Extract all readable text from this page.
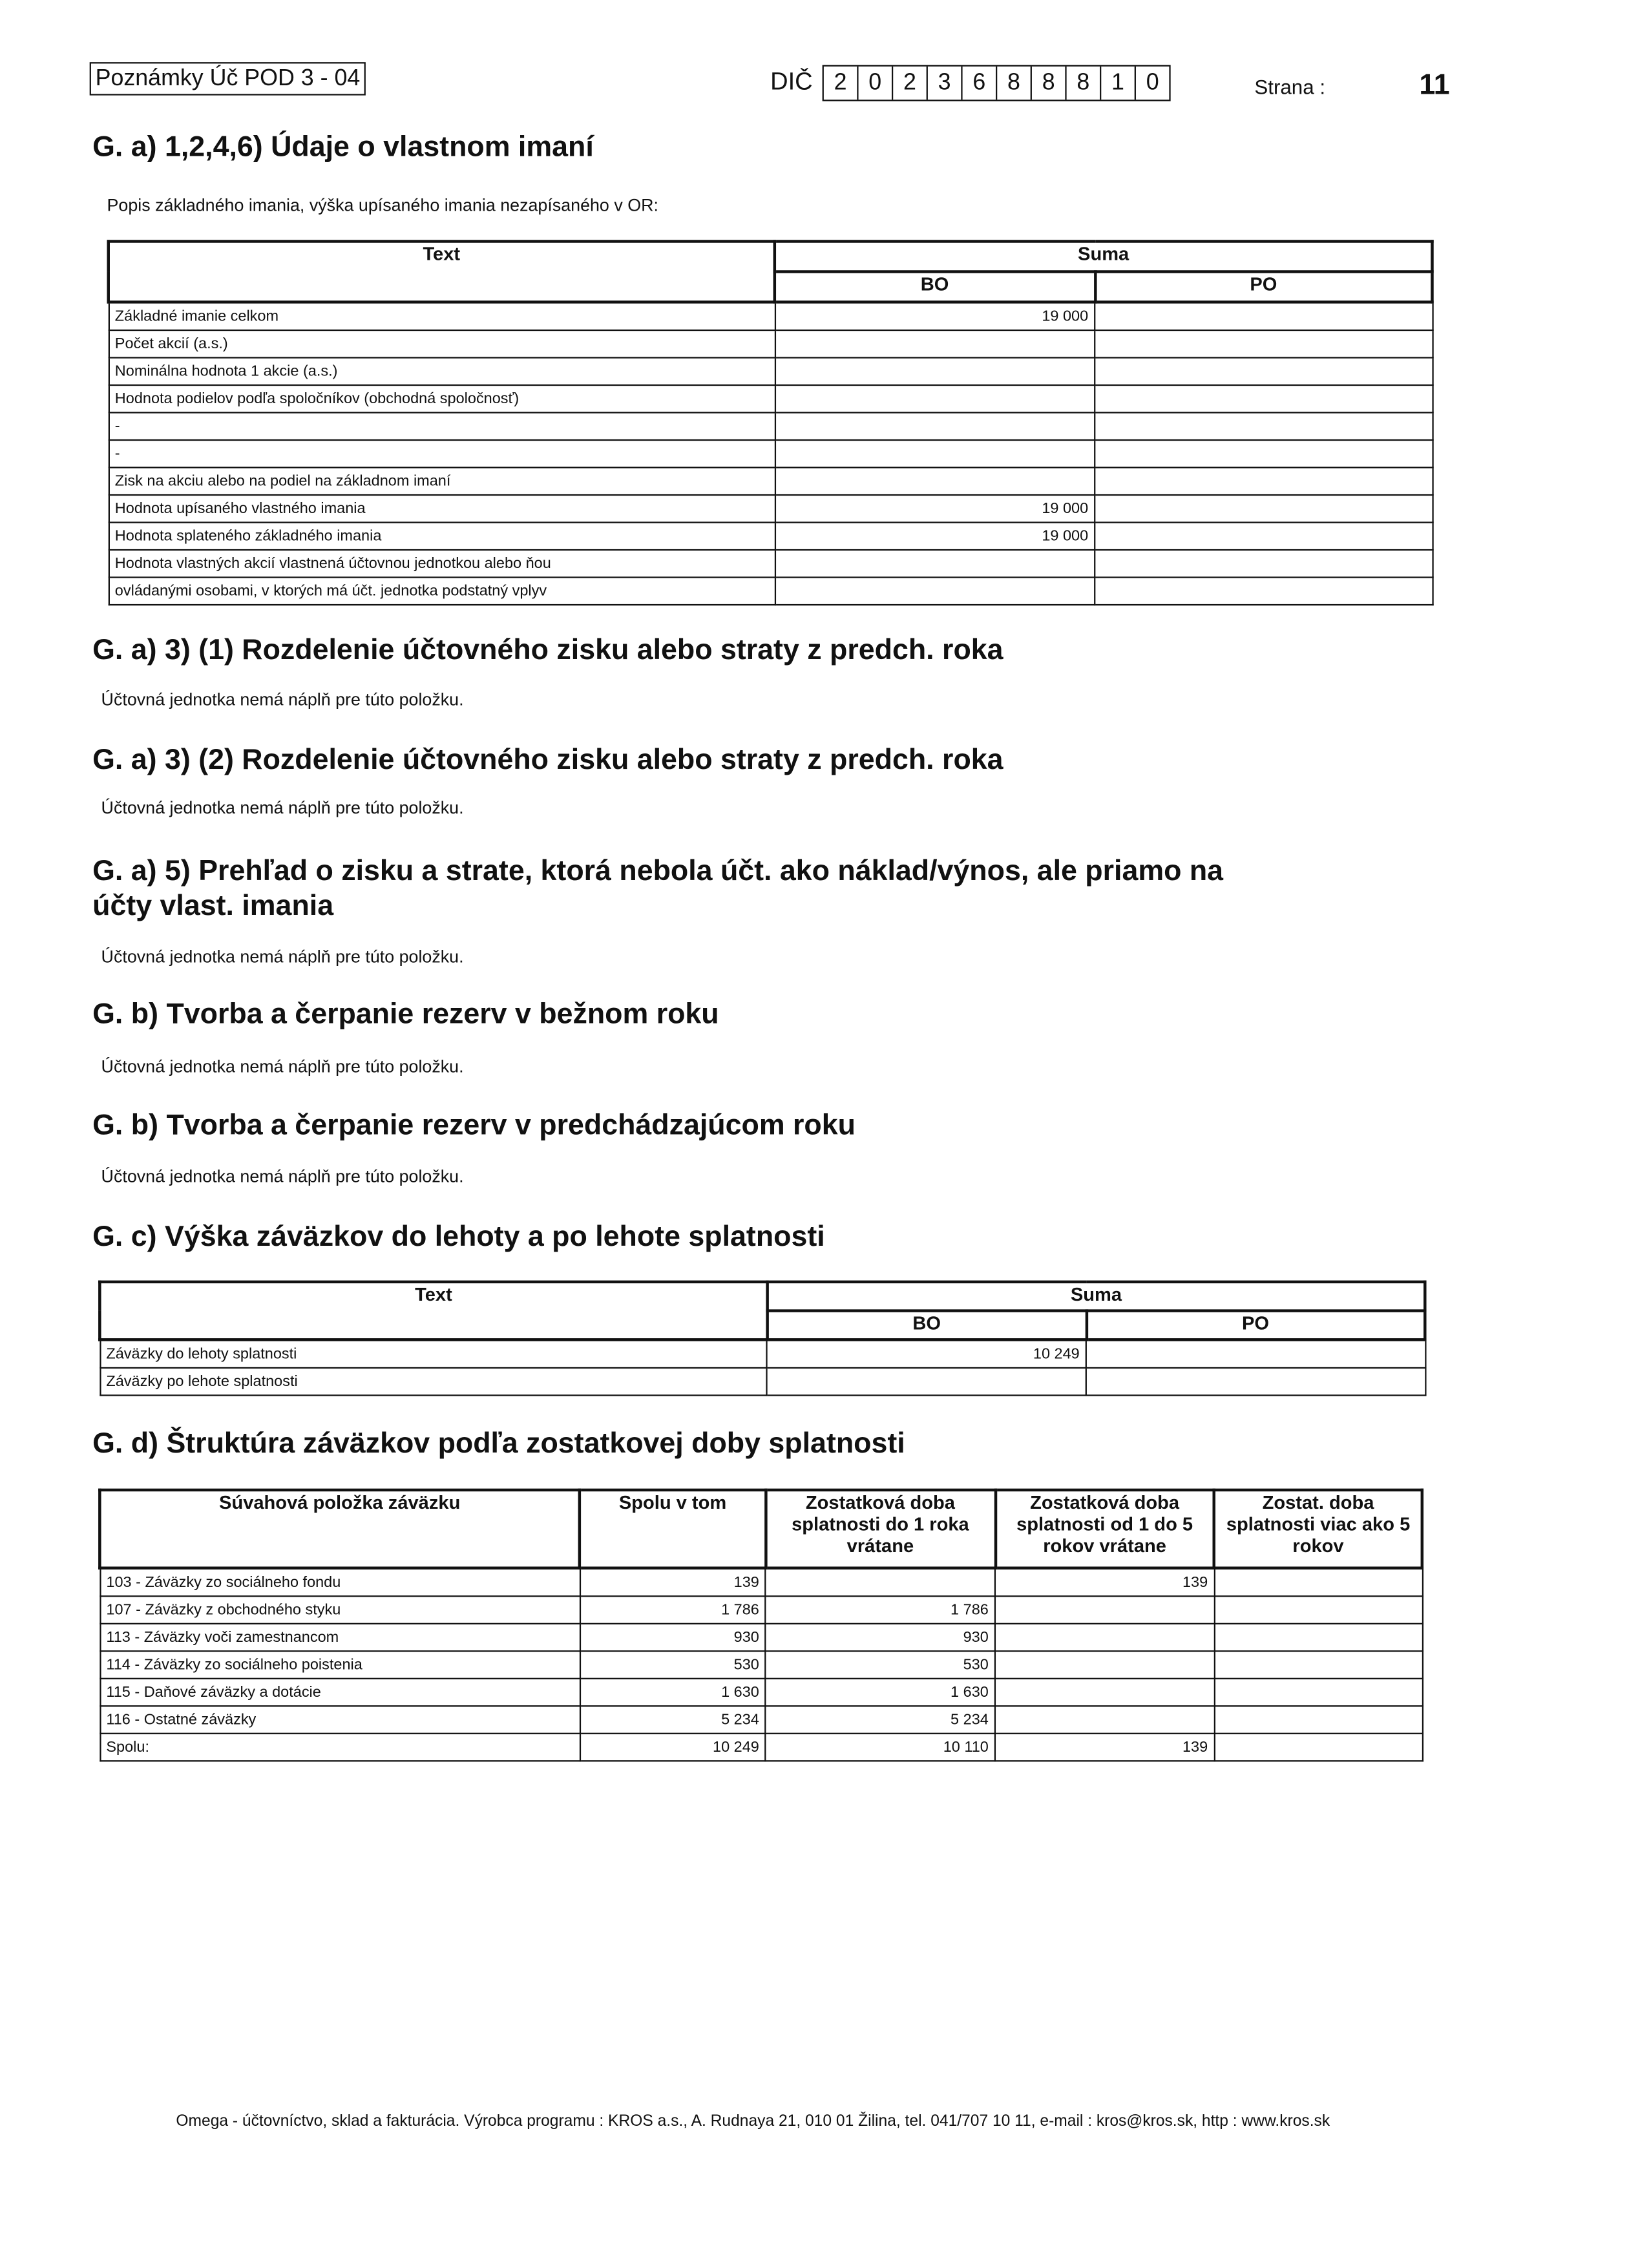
Poznámky Úč POD 3 - 04	DIČ	2	0	2	3	6	8	8	8	1	0	Strana :	11
G. a) 1,2,4,6) Údaje o vlastnom imaní
Popis základného imania, výška upísaného imania nezapísaného v OR:
Text	Suma	
	BO	PO
Základné imanie celkom	19 000	
Počet akcií (a.s.)		
Nominálna hodnota 1 akcie (a.s.)		
Hodnota podielov podľa spoločníkov (obchodná spoločnosť)		
-		
-		
Zisk na akciu alebo na podiel na základnom imaní		
Hodnota upísaného vlastného imania	19 000	
Hodnota splateného základného imania	19 000	
Hodnota vlastných akcií vlastnená účtovnou jednotkou alebo ňou		
ovládanými osobami, v ktorých má účt. jednotka podstatný vplyv		
G. a) 3) (1) Rozdelenie účtovného zisku alebo straty z predch. roka
Účtovná jednotka nemá náplň pre túto položku.
G. a) 3) (2) Rozdelenie účtovného zisku alebo straty z predch. roka
Účtovná jednotka nemá náplň pre túto položku.
G. a) 5) Prehľad o zisku a strate, ktorá nebola účt. ako náklad/výnos, ale priamo na
účty vlast. imania
Účtovná jednotka nemá náplň pre túto položku.
G. b) Tvorba a čerpanie rezerv v bežnom roku
Účtovná jednotka nemá náplň pre túto položku.
G. b) Tvorba a čerpanie rezerv v predchádzajúcom roku
Účtovná jednotka nemá náplň pre túto položku.
G. c) Výška záväzkov do lehoty a po lehote splatnosti
Text	Suma	
	BO	PO
Záväzky do lehoty splatnosti	10 249	
Záväzky po lehote splatnosti		
G. d) Štruktúra záväzkov podľa zostatkovej doby splatnosti
Súvahová položka záväzku	Spolu v tom	Zostatková doba splatnosti do 1 roka vrátane	Zostatková doba splatnosti od 1 do 5 rokov vrátane	Zostat. doba splatnosti viac ako 5 rokov
103 - Záväzky zo sociálneho fondu	139		139	
107 - Záväzky z obchodného styku	1 786	1 786		
113 - Záväzky voči zamestnancom	930	930		
114 - Záväzky zo sociálneho poistenia	530	530		
115 - Daňové záväzky a dotácie	1 630	1 630		
116 - Ostatné záväzky	5 234	5 234		
Spolu:	10 249	10 110	139	
Omega - účtovníctvo, sklad a fakturácia. Výrobca programu : KROS a.s., A. Rudnaya 21, 010 01 Žilina, tel. 041/707 10 11, e-mail : kros@kros.sk, http : www.kros.sk
